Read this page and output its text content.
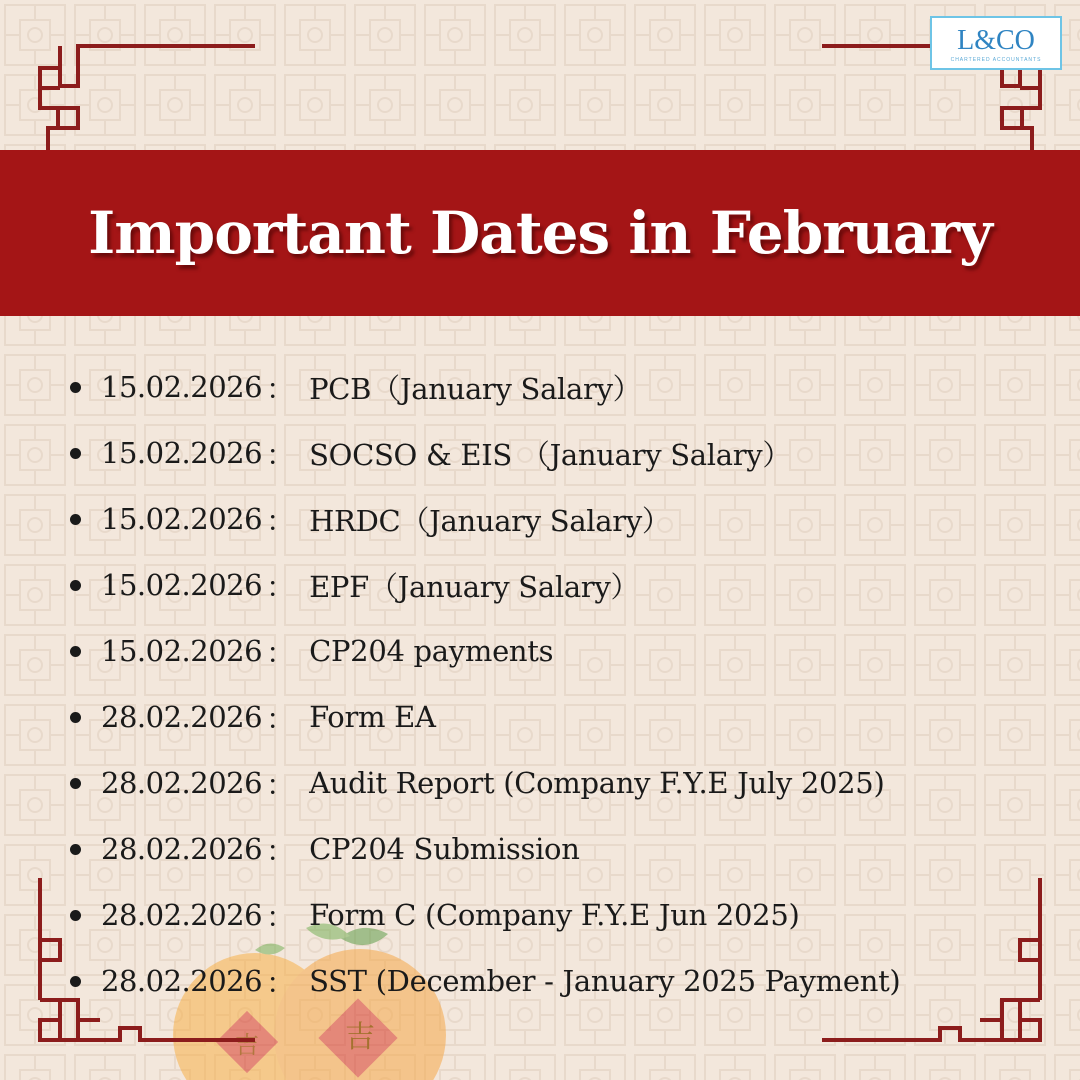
吉
吉
L&CO
CHARTERED ACCOUNTANTS
Important Dates in February
15.02.2026 ： PCB（January Salary）
15.02.2026 ： SOCSO & EIS （January Salary）
15.02.2026 ： HRDC（January Salary）
15.02.2026 ： EPF（January Salary）
15.02.2026 ： CP204 payments
28.02.2026 ： Form EA
28.02.2026 ： Audit Report (Company F.Y.E July 2025)
28.02.2026 ： CP204 Submission
28.02.2026 ： Form C (Company F.Y.E Jun 2025)
28.02.2026 ： SST (December - January 2025 Payment)
